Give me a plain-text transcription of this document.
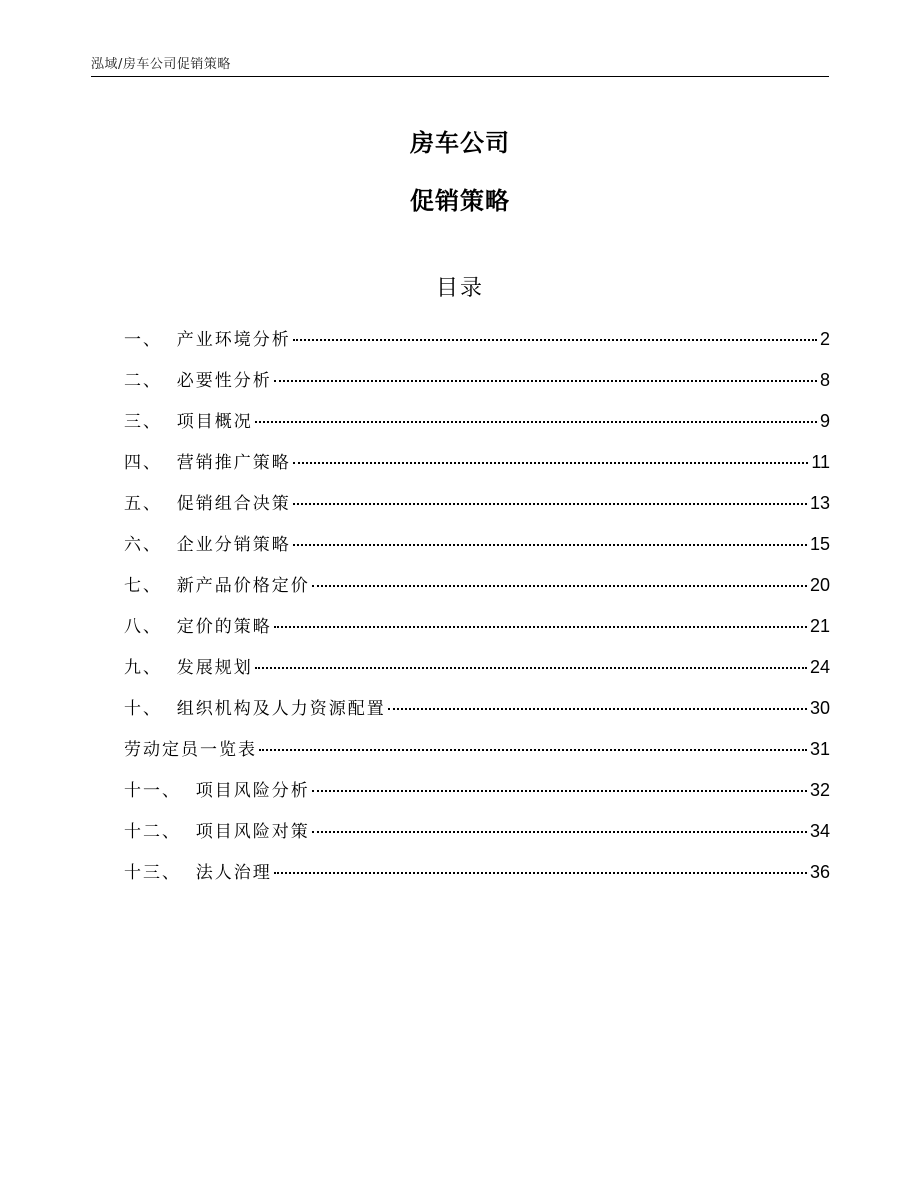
泓域/房车公司促销策略
房车公司
促销策略
目录
一、  产业环境分析	2
二、  必要性分析	8
三、  项目概况	9
四、  营销推广策略	11
五、  促销组合决策	13
六、  企业分销策略	15
七、  新产品价格定价	20
八、  定价的策略	21
九、  发展规划	24
十、  组织机构及人力资源配置	30
劳动定员一览表	31
十一、  项目风险分析	32
十二、  项目风险对策	34
十三、  法人治理	36
